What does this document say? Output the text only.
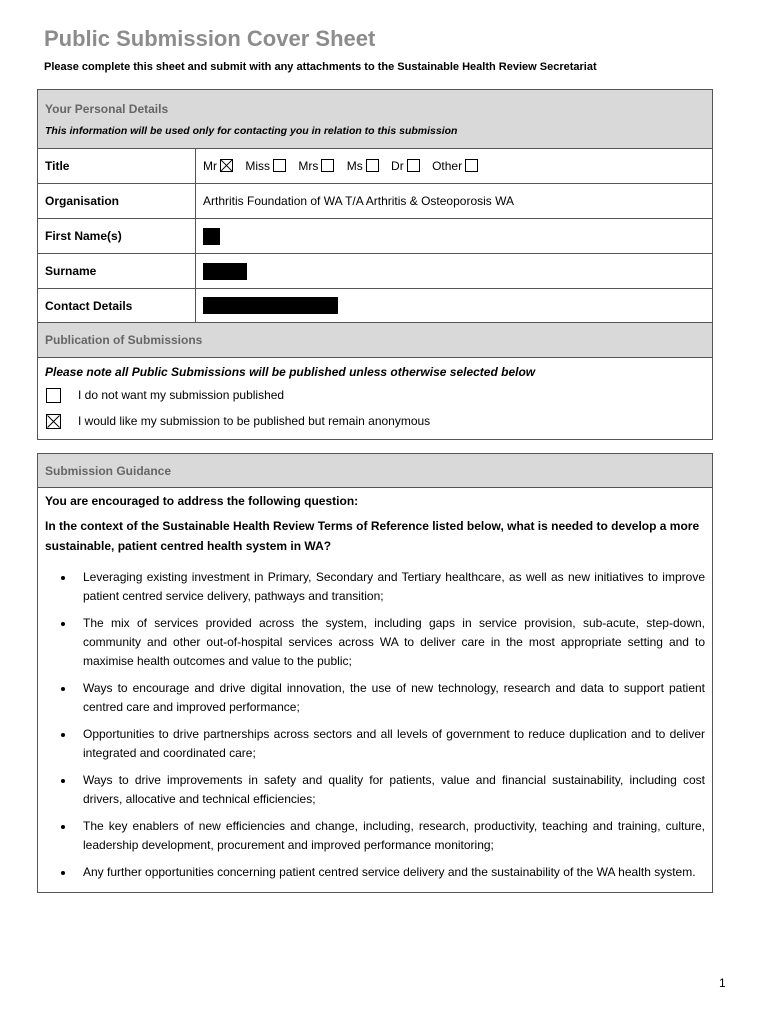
Public Submission Cover Sheet
Please complete this sheet and submit with any attachments to the Sustainable Health Review Secretariat
Your Personal Details
This information will be used only for contacting you in relation to this submission	

Title	Mr Miss Mrs Ms Dr Other
Organisation	Arthritis Foundation of WA T/A Arthritis & Osteoporosis WA
First Name(s)	
Surname	
Contact Details	

Publication of Submissions	

Please note all Public Submissions will be published unless otherwise selected below
I do not want my submission published
I would like my submission to be published but remain anonymous	
Submission Guidance

You are encouraged to address the following question:
In the context of the Sustainable Health Review Terms of Reference listed below, what is needed to develop a more sustainable, patient centred health system in WA?
• Leveraging existing investment in Primary, Secondary and Tertiary healthcare, as well as new initiatives to improve patient centred service delivery, pathways and transition;
• The mix of services provided across the system, including gaps in service provision, sub-acute, step-down, community and other out-of-hospital services across WA to deliver care in the most appropriate setting and to maximise health outcomes and value to the public;
• Ways to encourage and drive digital innovation, the use of new technology, research and data to support patient centred care and improved performance;
• Opportunities to drive partnerships across sectors and all levels of government to reduce duplication and to deliver integrated and coordinated care;
• Ways to drive improvements in safety and quality for patients, value and financial sustainability, including cost drivers, allocative and technical efficiencies;
• The key enablers of new efficiencies and change, including, research, productivity, teaching and training, culture, leadership development, procurement and improved performance monitoring;
• Any further opportunities concerning patient centred service delivery and the sustainability of the WA health system.
1
